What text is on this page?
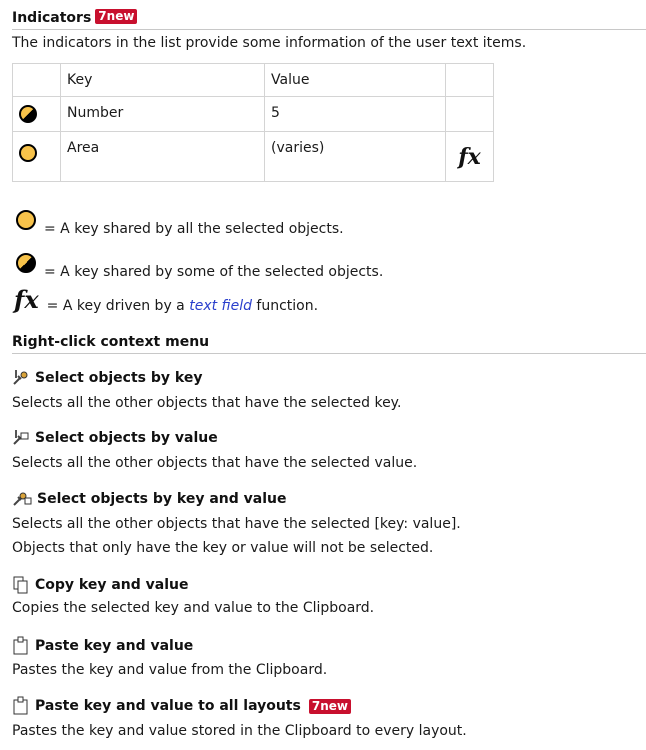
Indicators 7new
The indicators in the list provide some information of the user text items.
	Key	Value	

	Number	5	

	Area	(varies)	fx
= A key shared by all the selected objects.
= A key shared by some of the selected objects.
fx = A key driven by a text field function.
Right-click context menu
Select objects by key
Selects all the other objects that have the selected key.
Select objects by value
Selects all the other objects that have the selected value.
Select objects by key and value
Selects all the other objects that have the selected [key: value].
Objects that only have the key or value will not be selected.
Copy key and value
Copies the selected key and value to the Clipboard.
Paste key and value
Pastes the key and value from the Clipboard.
Paste key and value to all layouts 7new
Pastes the key and value stored in the Clipboard to every layout.
